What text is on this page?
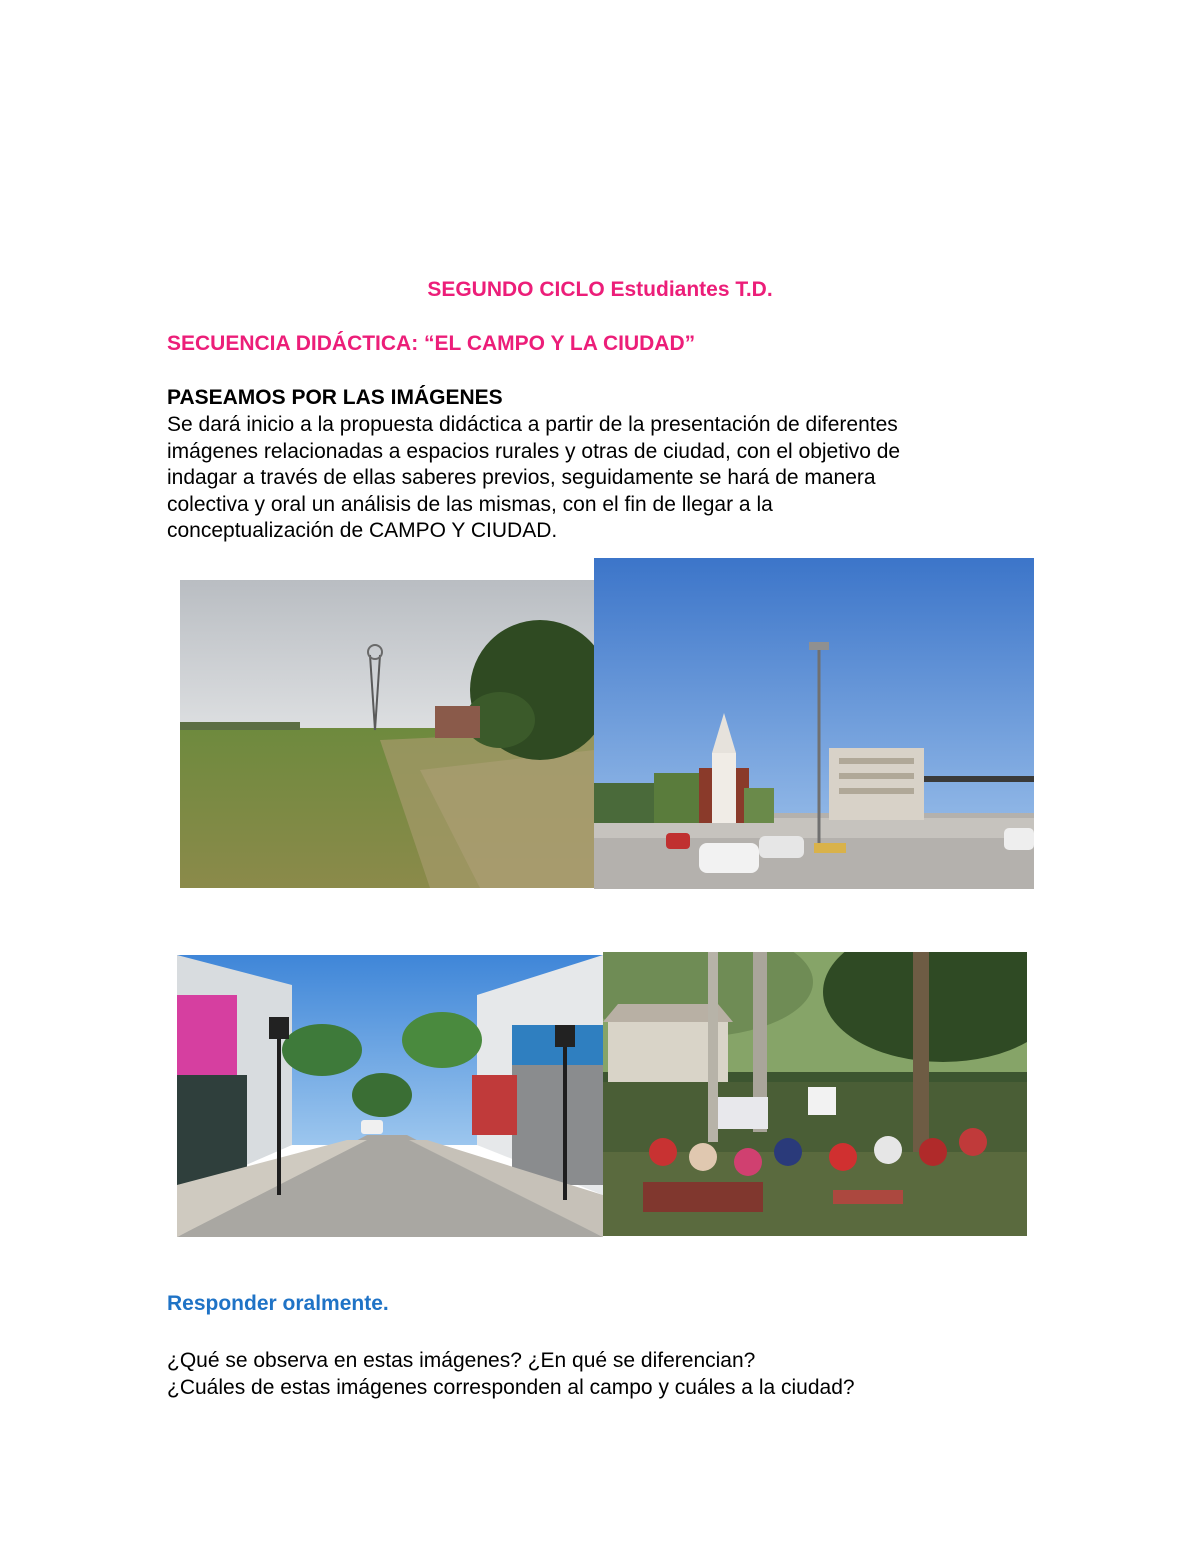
SEGUNDO CICLO Estudiantes T.D.
SECUENCIA DIDÁCTICA: “EL CAMPO Y LA CIUDAD”
PASEAMOS POR LAS IMÁGENES
Se dará inicio a la propuesta didáctica a partir de la presentación de diferentes
imágenes relacionadas a espacios rurales y otras de ciudad, con el objetivo de
indagar a través de ellas saberes previos, seguidamente se hará de manera
colectiva y oral un análisis de las mismas, con el fin de llegar a la
conceptualización de CAMPO Y CIUDAD.
Responder oralmente.
¿Qué se observa en estas imágenes? ¿En qué se diferencian?
¿Cuáles de estas imágenes corresponden al campo y cuáles a la ciudad?
